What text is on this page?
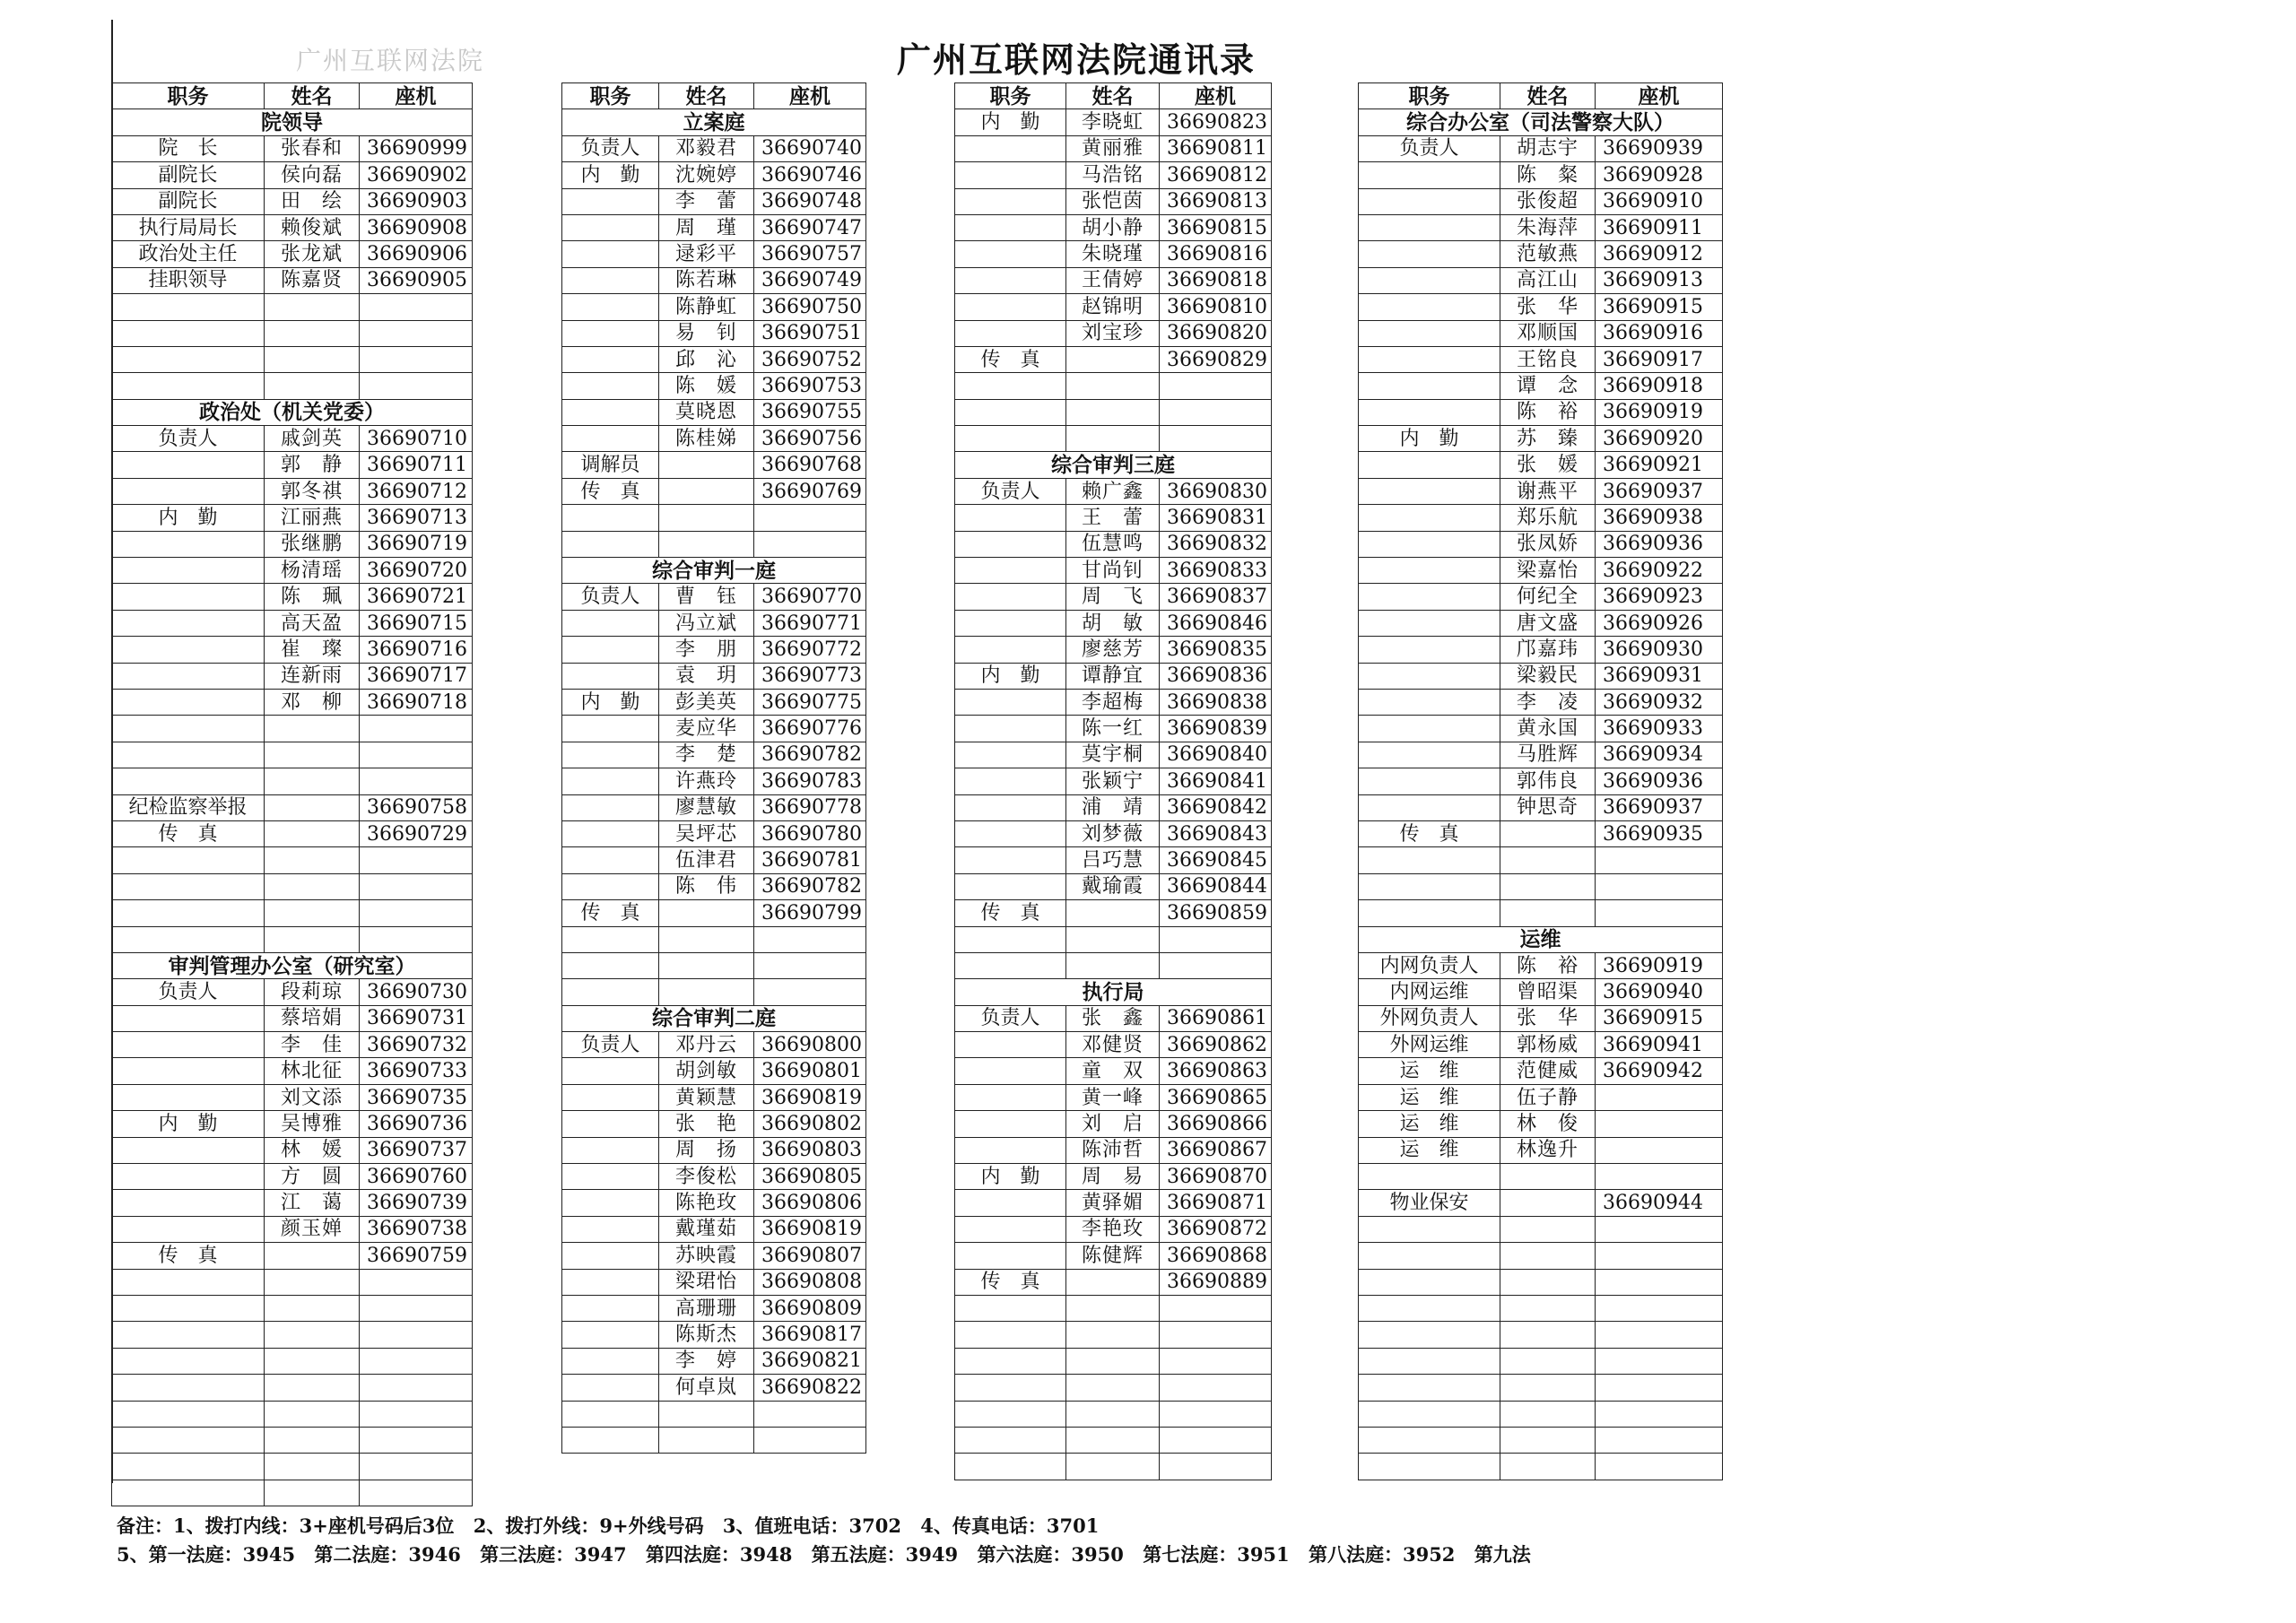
广州互联网法院	广州互联网法院通讯录
职务	姓名	座机
院领导		
院　长	张春和	36690999
副院长	侯向磊	36690902
副院长	田　绘	36690903
执行局局长	赖俊斌	36690908
政治处主任	张龙斌	36690906
挂职领导	陈嘉贤	36690905

政治处（机关党委）		
负责人	戚剑英	36690710
	郭　静	36690711
	郭冬祺	36690712
内　勤	江丽燕	36690713
	张继鹏	36690719
	杨清瑶	36690720
	陈　珮	36690721
	高天盈	36690715
	崔　璨	36690716
	连新雨	36690717
	邓　柳	36690718

纪检监察举报		36690758
传　真		36690729

审判管理办公室（研究室）		
负责人	段莉琼	36690730
	蔡培娟	36690731
	李　佳	36690732
	林北征	36690733
	刘文添	36690735
内　勤	吴博雅	36690736
	林　媛	36690737
	方　圆	36690760
	江　蔼	36690739
	颜玉婵	36690738
传　真		36690759

职务	姓名	座机
立案庭		
负责人	邓毅君	36690740
内　勤	沈婉婷	36690746
	李　蕾	36690748
	周　瑾	36690747
	逯彩平	36690757
	陈若琳	36690749
	陈静虹	36690750
	易　钊	36690751
	邱　沁	36690752
	陈　媛	36690753
	莫晓恩	36690755
	陈桂娣	36690756
调解员		36690768
传　真		36690769

综合审判一庭		
负责人	曹　钰	36690770
	冯立斌	36690771
	李　朋	36690772
	袁　玥	36690773
内　勤	彭美英	36690775
	麦应华	36690776
	李　楚	36690782
	许燕玲	36690783
	廖慧敏	36690778
	吴坪芯	36690780
	伍津君	36690781
	陈　伟	36690782
传　真		36690799

综合审判二庭		
负责人	邓丹云	36690800
	胡剑敏	36690801
	黄颖慧	36690819
	张　艳	36690802
	周　扬	36690803
	李俊松	36690805
	陈艳玫	36690806
	戴瑾茹	36690819
	苏映霞	36690807
	梁珺怡	36690808
	高珊珊	36690809
	陈斯杰	36690817
	李　婷	36690821
	何卓岚	36690822

职务	姓名	座机
内　勤	李晓虹	36690823
	黄丽雅	36690811
	马浩铭	36690812
	张恺茵	36690813
	胡小静	36690815
	朱晓瑾	36690816
	王倩婷	36690818
	赵锦明	36690810
	刘宝珍	36690820
传　真		36690829

综合审判三庭		
负责人	赖广鑫	36690830
	王　蕾	36690831
	伍慧鸣	36690832
	甘尚钊	36690833
	周　飞	36690837
	胡　敏	36690846
	廖慈芳	36690835
内　勤	谭静宜	36690836
	李超梅	36690838
	陈一红	36690839
	莫宇桐	36690840
	张颖宁	36690841
	浦　靖	36690842
	刘梦薇	36690843
	吕巧慧	36690845
	戴瑜霞	36690844
传　真		36690859

执行局		
负责人	张　鑫	36690861
	邓健贤	36690862
	童　双	36690863
	黄一峰	36690865
	刘　启	36690866
	陈沛哲	36690867
内　勤	周　易	36690870
	黄驿媚	36690871
	李艳玫	36690872
	陈健辉	36690868
传　真		36690889

职务	姓名	座机
综合办公室（司法警察大队）		
负责人	胡志宇	36690939
	陈　粲	36690928
	张俊超	36690910
	朱海萍	36690911
	范敏燕	36690912
	高江山	36690913
	张　华	36690915
	邓顺国	36690916
	王铭良	36690917
	谭　念	36690918
	陈　裕	36690919
内　勤	苏　臻	36690920
	张　媛	36690921
	谢燕平	36690937
	郑乐航	36690938
	张凤娇	36690936
	梁嘉怡	36690922
	何纪全	36690923
	唐文盛	36690926
	邝嘉玮	36690930
	梁毅民	36690931
	李　凌	36690932
	黄永国	36690933
	马胜辉	36690934
	郭伟良	36690936
	钟思奇	36690937
传　真		36690935

运维		
内网负责人	陈　裕	36690919
内网运维	曾昭渠	36690940
外网负责人	张　华	36690915
外网运维	郭杨威	36690941
运　维	范健威	36690942
运　维	伍子静	
运　维	林　俊	
运　维	林逸升	

物业保安		36690944

备注：1、拨打内线：3+座机号码后3位 2、拨打外线：9+外线号码 3、值班电话：3702 4、传真电话：3701
5、第一法庭：3945 第二法庭：3946 第三法庭：3947 第四法庭：3948 第五法庭：3949 第六法庭：3950 第七法庭：3951 第八法庭：3952 第九法
